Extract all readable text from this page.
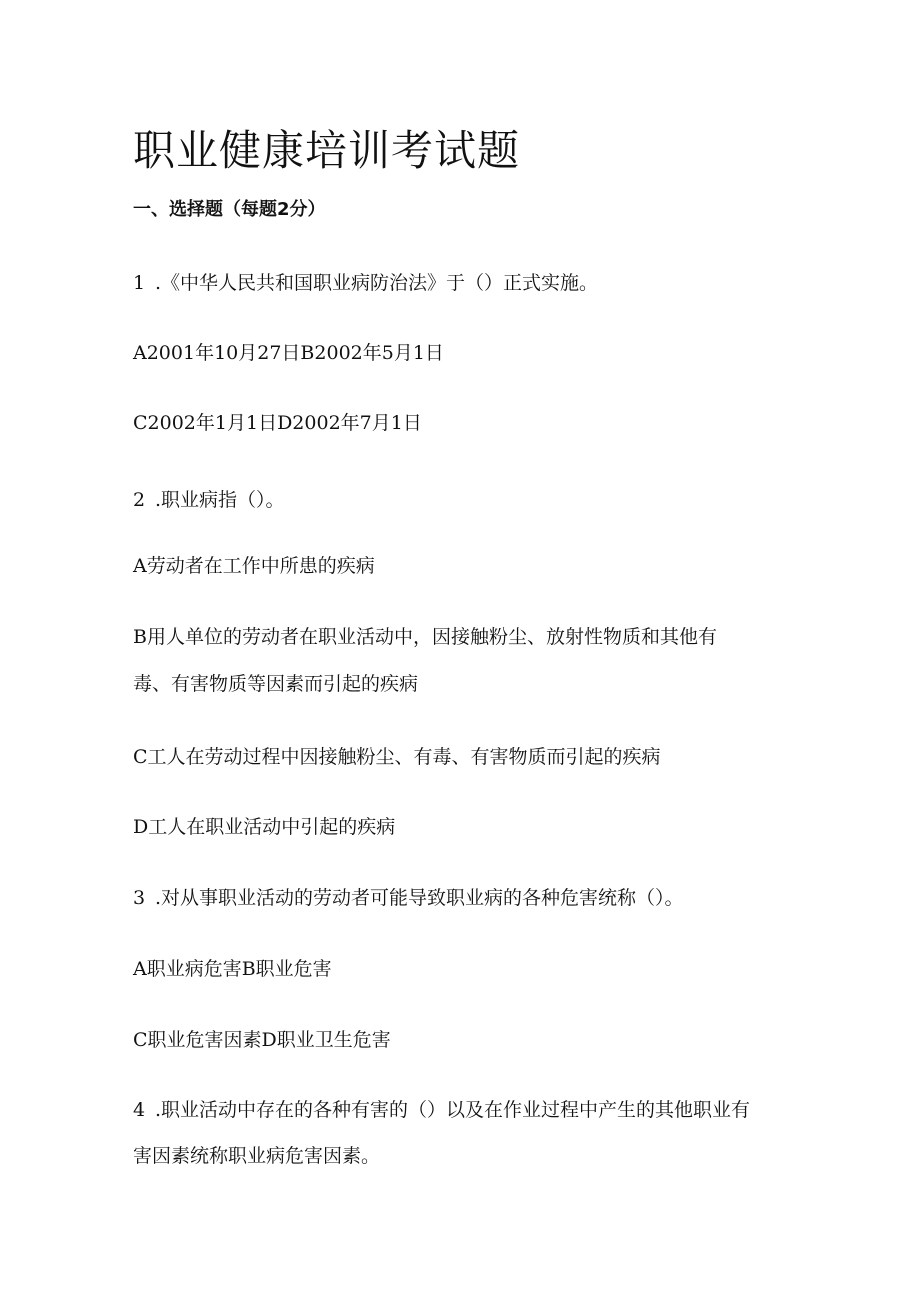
职业健康培训考试题
一、选择题（每题2分）
1 .《中华人民共和国职业病防治法》于（）正式实施。
A2001年10月27日B2002年5月1日
C2002年1月1日D2002年7月1日
2 .职业病指（）。
A劳动者在工作中所患的疾病
B用人单位的劳动者在职业活动中，因接触粉尘、放射性物质和其他有
毒、有害物质等因素而引起的疾病
C工人在劳动过程中因接触粉尘、有毒、有害物质而引起的疾病
D工人在职业活动中引起的疾病
3 .对从事职业活动的劳动者可能导致职业病的各种危害统称（）。
A职业病危害B职业危害
C职业危害因素D职业卫生危害
4 .职业活动中存在的各种有害的（）以及在作业过程中产生的其他职业有
害因素统称职业病危害因素。
